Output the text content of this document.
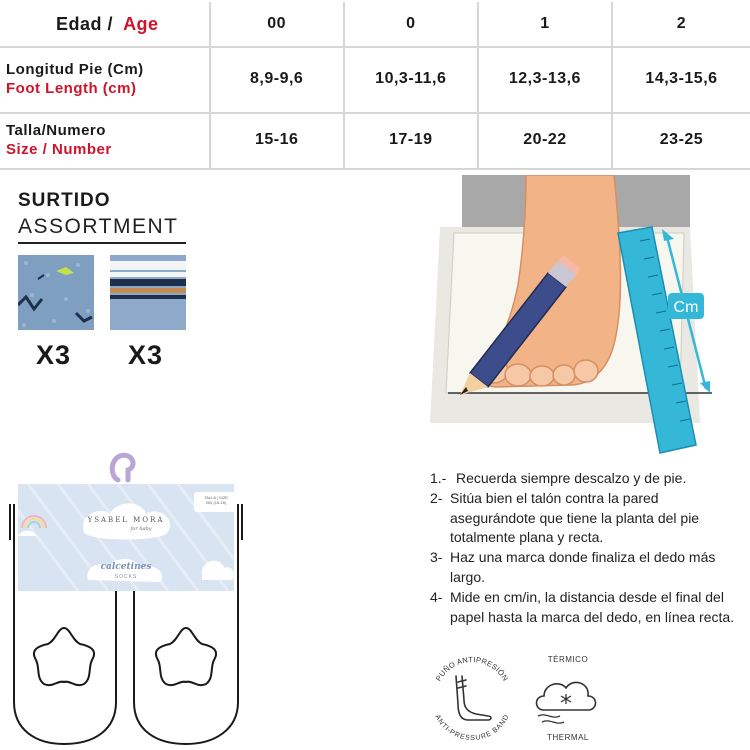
Edad / Age	00	0	1	2
Longitud Pie (Cm)
Foot Length (cm)
8,9-9,6	10,3-11,6	12,3-13,6	14,3-15,6
Talla/Numero
Size / Number
15-16	17-19	20-22	23-25
SURTIDO
ASSORTMENT
X3 X3
Cm
1.- Recuerda siempre descalzo y de pie.
2- Sitúa bien el talón contra la pared asegurándote que tiene la planta del pie totalmente plana y recta.
3- Haz una marca donde finaliza el dedo más largo.
4- Mide en cm/in, la distancia desde el final del papel hasta la marca del dedo, en línea recta.
PUÑO ANTIPRESIÓN
ANTI-PRESSURE BAND
TÉRMICO
THERMAL
TALLA | SIZE
000 (15-16)
YSABEL MORA
for baby
calcetines
SOCKS
